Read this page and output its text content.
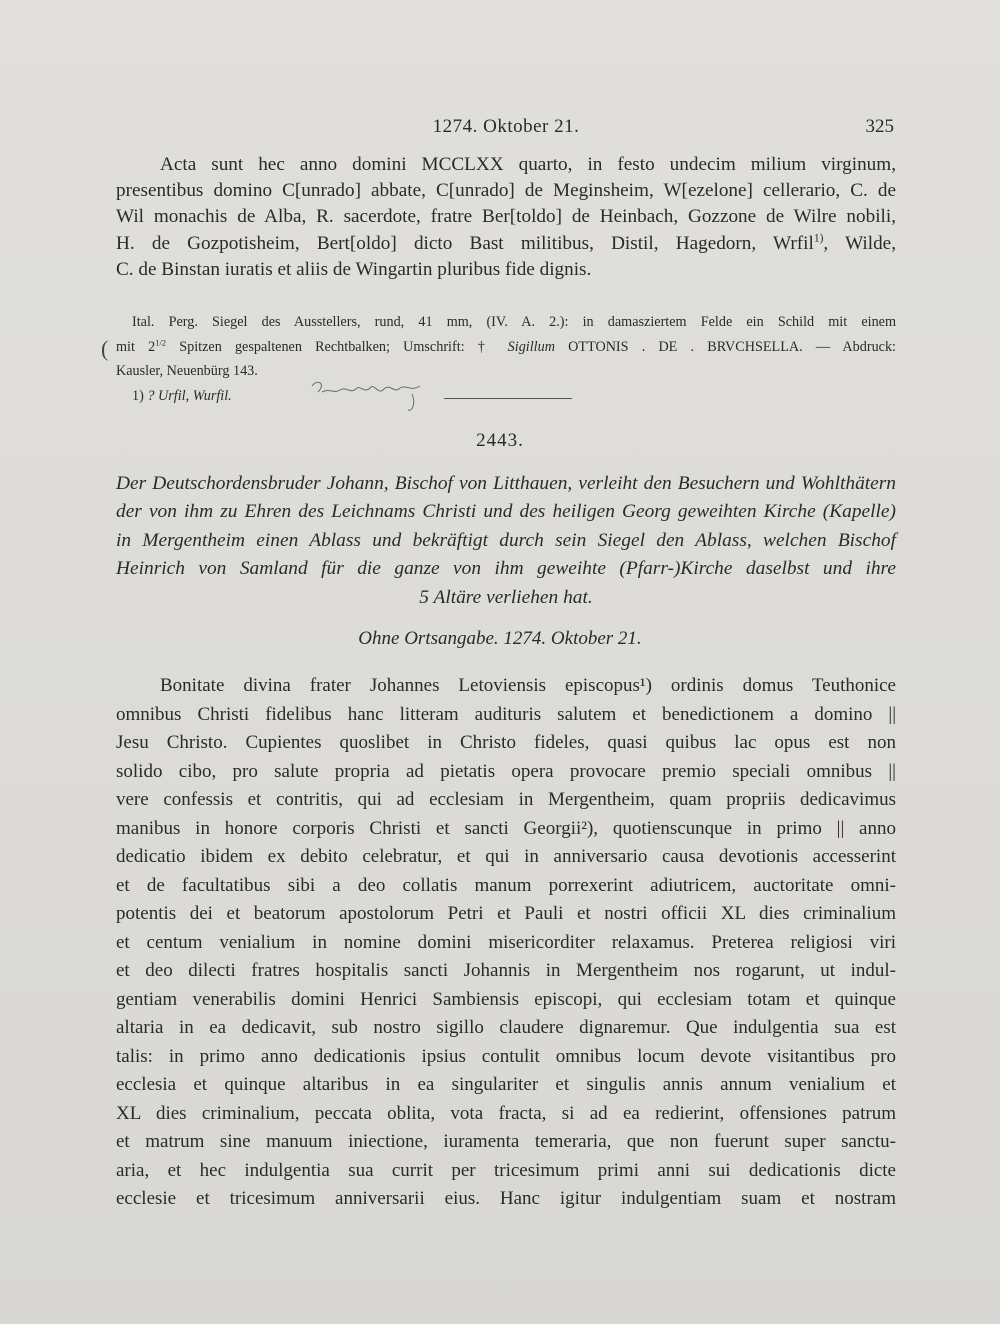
1274. Oktober 21.	325

Acta sunt hec anno domini MCCLXX quarto, in festo undecim milium virginum,

presentibus domino C[unrado] abbate, C[unrado] de Meginsheim, W[ezelone] cellerario, C. de

Wil monachis de Alba, R. sacerdote, fratre Ber[toldo] de Heinbach, Gozzone de Wilre nobili,

H. de Gozpotisheim, Bert[oldo] dicto Bast militibus, Distil, Hagedorn, Wrfil$^{1)}$, Wilde,

C. de Binstan iuratis et aliis de Wingartin pluribus fide dignis.

Ital. Perg. Siegel des Ausstellers, rund, 41 mm, (IV. A. 2.): in damasziertem Felde ein Schild mit einem

mit $2^{1/2}$ Spitzen gespaltenen Rechtbalken; Umschrift: † Sigillum OTTONIS . DE . BRVCHSELLA. — Abdruck:

Kausler, Neuenbürg 143.

1) ? Urfil, Wurfil.

(
2443.

Der Deutschordensbruder Johann, Bischof von Litthauen, verleiht den Besuchern und Wohlthätern

der von ihm zu Ehren des Leichnams Christi und des heiligen Georg geweihten Kirche (Kapelle)

in Mergentheim einen Ablass und bekräftigt durch sein Siegel den Ablass, welchen Bischof

Heinrich von Samland für die ganze von ihm geweihte (Pfarr-)Kirche daselbst und ihre

5 Altäre verliehen hat.

Ohne Ortsangabe. 1274. Oktober 21.

Bonitate divina frater Johannes Letoviensis episcopus¹) ordinis domus Teuthonice

omnibus Christi fidelibus hanc litteram audituris salutem et benedictionem a domino ||

Jesu Christo. Cupientes quoslibet in Christo fideles, quasi quibus lac opus est non

solido cibo, pro salute propria ad pietatis opera provocare premio speciali omnibus ||

vere confessis et contritis, qui ad ecclesiam in Mergentheim, quam propriis dedicavimus

manibus in honore corporis Christi et sancti Georgii²), quotienscunque in primo || anno

dedicatio ibidem ex debito celebratur, et qui in anniversario causa devotionis accesserint

et de facultatibus sibi a deo collatis manum porrexerint adiutricem, auctoritate omni-

potentis dei et beatorum apostolorum Petri et Pauli et nostri officii XL dies criminalium

et centum venialium in nomine domini misericorditer relaxamus. Preterea religiosi viri

et deo dilecti fratres hospitalis sancti Johannis in Mergentheim nos rogarunt, ut indul-

gentiam venerabilis domini Henrici Sambiensis episcopi, qui ecclesiam totam et quinque

altaria in ea dedicavit, sub nostro sigillo claudere dignaremur. Que indulgentia sua est

talis: in primo anno dedicationis ipsius contulit omnibus locum devote visitantibus pro

ecclesia et quinque altaribus in ea singulariter et singulis annis annum venialium et

XL dies criminalium, peccata oblita, vota fracta, si ad ea redierint, offensiones patrum

et matrum sine manuum iniectione, iuramenta temeraria, que non fuerunt super sanctu-

aria, et hec indulgentia sua currit per tricesimum primi anni sui dedicationis dicte

ecclesie et tricesimum anniversarii eius. Hanc igitur indulgentiam suam et nostram
